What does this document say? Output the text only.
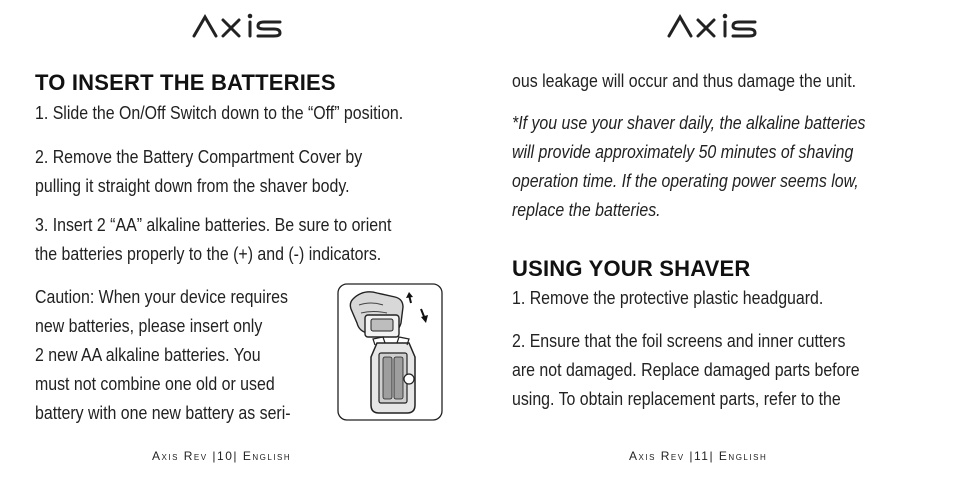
TO INSERT THE BATTERIES

1. Slide the On/Off Switch down to the “Off” position.

2. Remove the Battery Compartment Cover by
pulling it straight down from the shaver body.

3. Insert 2 “AA” alkaline batteries. Be sure to orient
the batteries properly to the (+) and (-) indicators.

Caution: When your device requires
new batteries, please insert only
2 new AA alkaline batteries. You
must not combine one old or used
battery with one new battery as seri-

Axis Rev |10| English

ous leakage will occur and thus damage the unit.

*If you use your shaver daily, the alkaline batteries
will provide approximately 50 minutes of shaving
operation time. If the operating power seems low,
replace the batteries.

USING YOUR SHAVER

1. Remove the protective plastic headguard.

2. Ensure that the foil screens and inner cutters
are not damaged. Replace damaged parts before
using. To obtain replacement parts, refer to the

Axis Rev |11| English
